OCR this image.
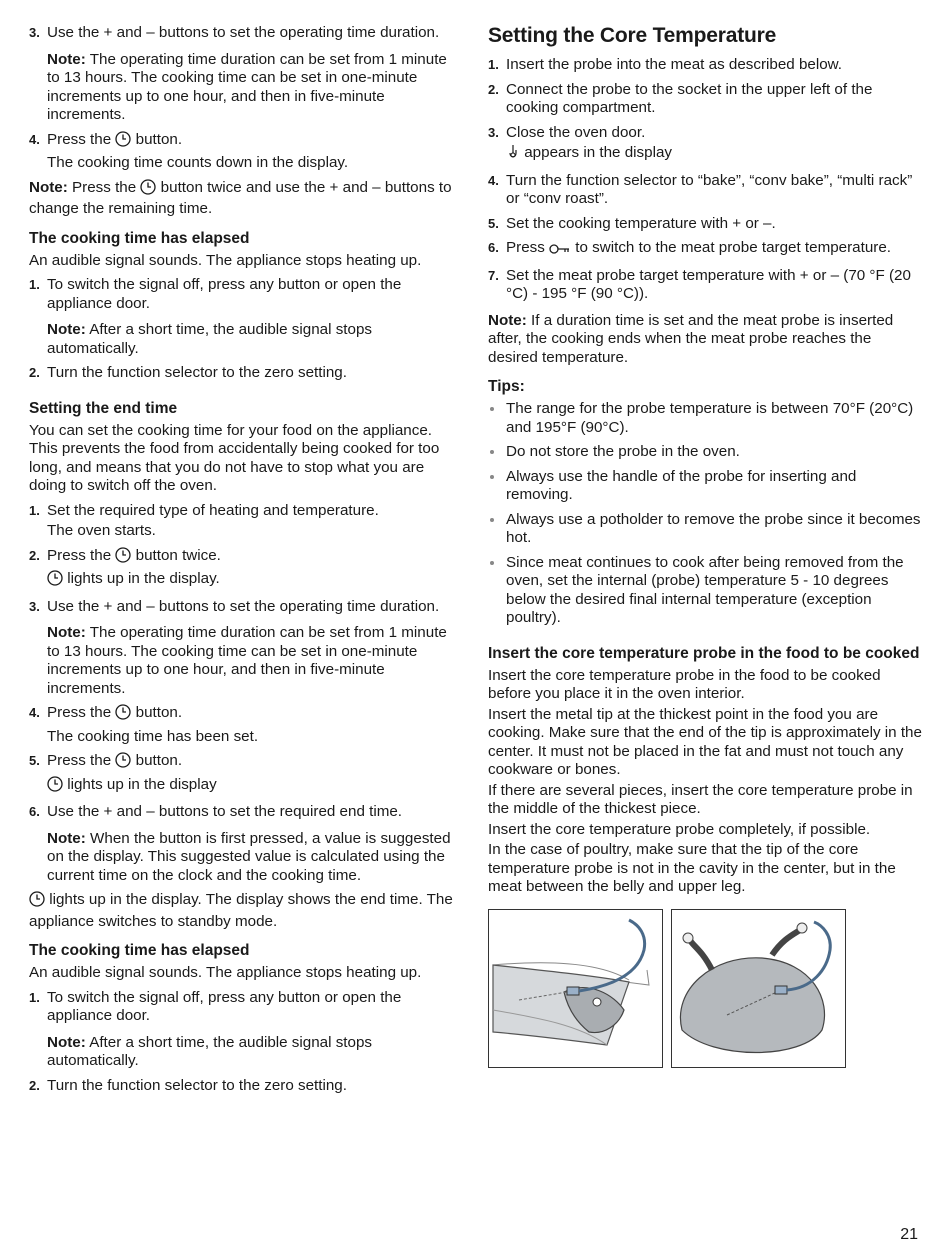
3. Use the + and – buttons to set the operating time duration.

Note: The operating time duration can be set from 1 minute to 13 hours. The cooking time can be set in one-minute increments up to one hour, and then in five-minute increments.

4. Press the button.
The cooking time counts down in the display.

Note: Press the button twice and use the + and – buttons to change the remaining time.

The cooking time has elapsed

An audible signal sounds. The appliance stops heating up.

1. To switch the signal off, press any button or open the appliance door.

Note: After a short time, the audible signal stops automatically.

2. Turn the function selector to the zero setting.
Setting the end time

You can set the cooking time for your food on the appliance. This prevents the food from accidentally being cooked for too long, and means that you do not have to stop what you are doing to switch off the oven.

1. Set the required type of heating and temperature.
The oven starts.
2. Press the button twice.
lights up in the display.
3. Use the + and – buttons to set the operating time duration.

Note: The operating time duration can be set from 1 minute to 13 hours. The cooking time can be set in one-minute increments up to one hour, and then in five-minute increments.

4. Press the button.
The cooking time has been set.
5. Press the button.
lights up in the display
6. Use the + and – buttons to set the required end time.

Note: When the button is first pressed, a value is suggested on the display. This suggested value is calculated using the current time on the clock and the cooking time.

lights up in the display. The display shows the end time. The appliance switches to standby mode.

The cooking time has elapsed

An audible signal sounds. The appliance stops heating up.

1. To switch the signal off, press any button or open the appliance door.

Note: After a short time, the audible signal stops automatically.

2. Turn the function selector to the zero setting.
Setting the Core Temperature
1. Insert the probe into the meat as described below.
2. Connect the probe to the socket in the upper left of the cooking compartment.
3. Close the oven door.
appears in the display
4. Turn the function selector to “bake”, “conv bake”, “multi rack” or “conv roast”.
5. Set the cooking temperature with + or –.
6. Press to switch to the meat probe target temperature.
7. Set the meat probe target temperature with + or – (70 °F (20 °C) - 195 °F (90 °C)).

Note: If a duration time is set and the meat probe is inserted after, the cooking ends when the meat probe reaches the desired temperature.

Tips:
The range for the probe temperature is between 70°F (20°C) and 195°F (90°C).
Do not store the probe in the oven.
Always use the handle of the probe for inserting and removing.
Always use a potholder to remove the probe since it becomes hot.
Since meat continues to cook after being removed from the oven, set the internal (probe) temperature 5 - 10 degrees below the desired final internal temperature (exception poultry).
Insert the core temperature probe in the food to be cooked

Insert the core temperature probe in the food to be cooked before you place it in the oven interior.

Insert the metal tip at the thickest point in the food you are cooking. Make sure that the end of the tip is approximately in the center. It must not be placed in the fat and must not touch any cookware or bones.

If there are several pieces, insert the core temperature probe in the middle of the thickest piece.

Insert the core temperature probe completely, if possible.

In the case of poultry, make sure that the tip of the core temperature probe is not in the cavity in the center, but in the meat between the belly and upper leg.

21
